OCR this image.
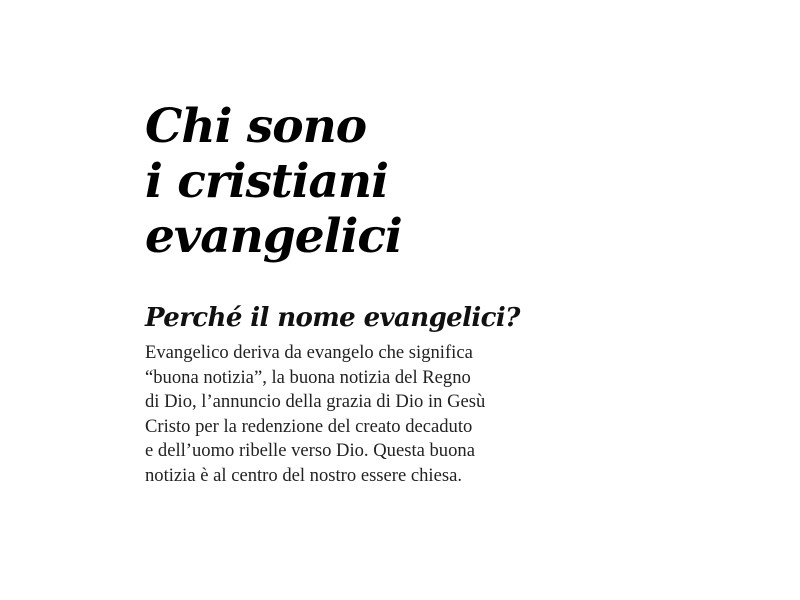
Chi sono
i cristiani
evangelici
Perché il nome evangelici?

Evangelico deriva da evangelo che significa
“buona notizia”, la buona notizia del Regno
di Dio, l’annuncio della grazia di Dio in Gesù
Cristo per la redenzione del creato decaduto
e dell’uomo ribelle verso Dio. Questa buona
notizia è al centro del nostro essere chiesa.
